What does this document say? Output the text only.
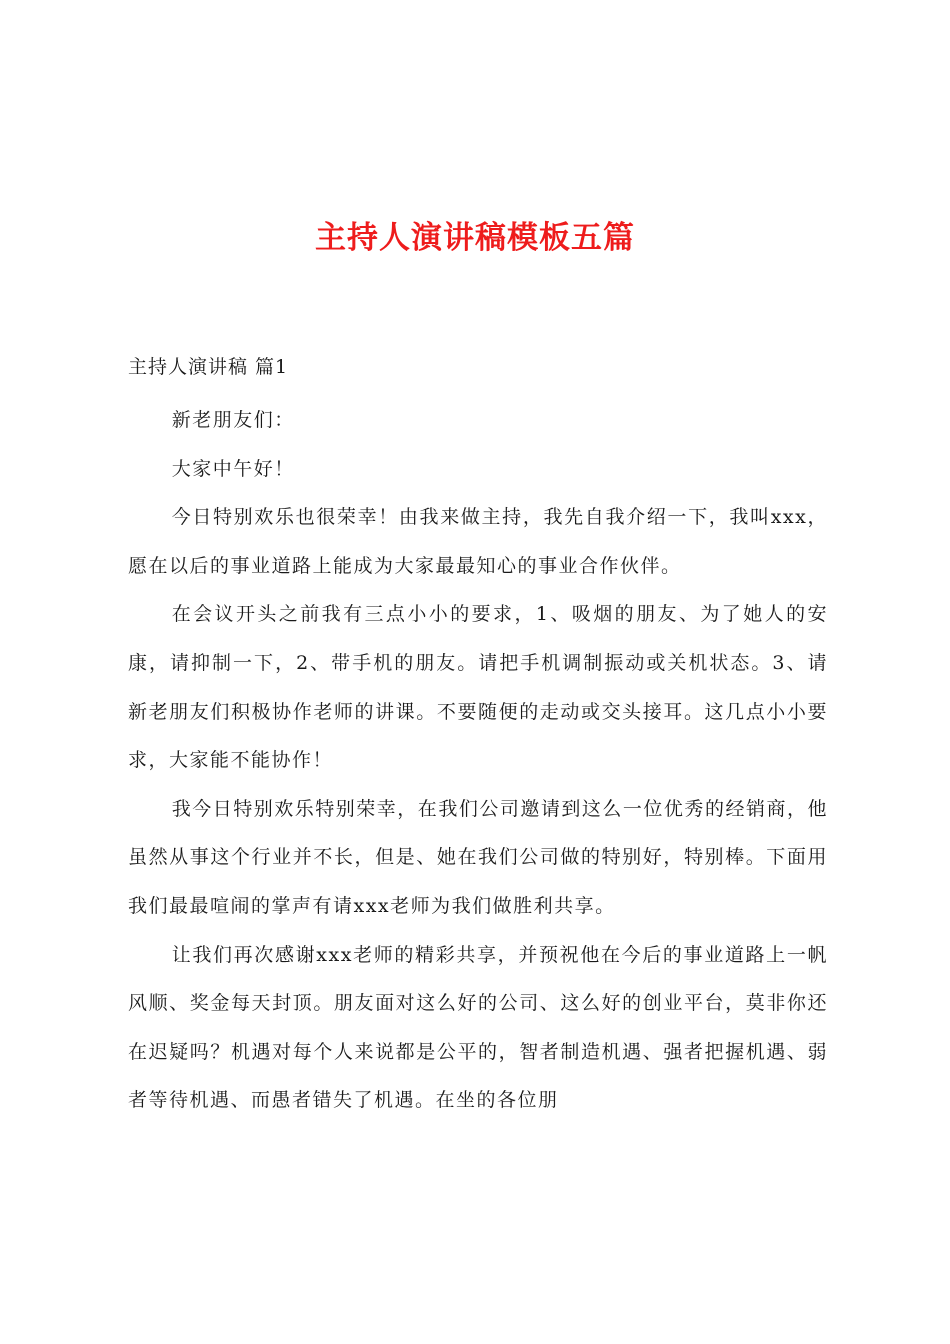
主持人演讲稿模板五篇
主持人演讲稿 篇1

新老朋友们：

大家中午好！

今日特别欢乐也很荣幸！由我来做主持，我先自我介绍一下，我叫xxx，愿在以后的事业道路上能成为大家最最知心的事业合作伙伴。

在会议开头之前我有三点小小的要求，1、吸烟的朋友、为了她人的安康，请抑制一下，2、带手机的朋友。请把手机调制振动或关机状态。3、请新老朋友们积极协作老师的讲课。不要随便的走动或交头接耳。这几点小小要求，大家能不能协作！

我今日特别欢乐特别荣幸，在我们公司邀请到这么一位优秀的经销商，他虽然从事这个行业并不长，但是、她在我们公司做的特别好，特别棒。下面用我们最最喧闹的掌声有请xxx老师为我们做胜利共享。

让我们再次感谢xxx老师的精彩共享，并预祝他在今后的事业道路上一帆风顺、奖金每天封顶。朋友面对这么好的公司、这么好的创业平台，莫非你还在迟疑吗？机遇对每个人来说都是公平的，智者制造机遇、强者把握机遇、弱者等待机遇、而愚者错失了机遇。在坐的各位朋
